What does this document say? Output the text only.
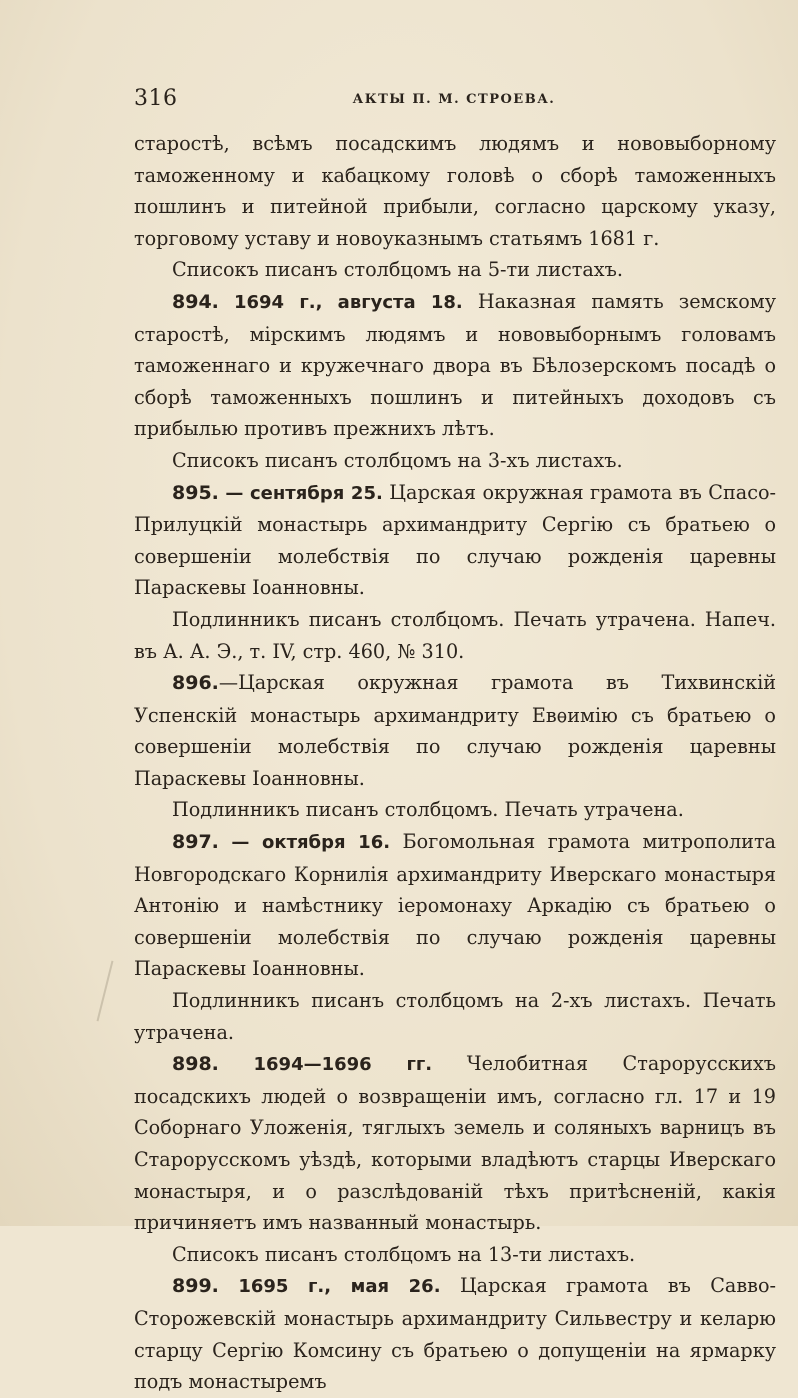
316	АКТЫ П. М. СТРОЕВА.

старостѣ, всѣмъ посадскимъ людямъ и нововыборному таможенному и кабацкому головѣ о сборѣ таможенныхъ пошлинъ и питейной прибыли, согласно царскому указу, торговому уставу и новоуказнымъ статьямъ 1681 г.

Списокъ писанъ столбцомъ на 5-ти листахъ.

894. 1694 г., августа 18. Наказная память земскому старостѣ, мірскимъ людямъ и нововыборнымъ головамъ таможеннаго и кружечнаго двора въ Бѣлозерскомъ посадѣ о сборѣ таможенныхъ пошлинъ и питейныхъ доходовъ съ прибылью противъ прежнихъ лѣтъ.

Списокъ писанъ столбцомъ на 3-хъ листахъ.

895. — сентября 25. Царская окружная грамота въ Спасо-Прилуцкій монастырь архимандриту Сергію съ братьею о совершеніи молебствія по случаю рожденія царевны Параскевы Іоанновны.

Подлинникъ писанъ столбцомъ. Печать утрачена. Напеч. въ А. А. Э., т. IV, стр. 460, № 310.

896.—Царская окружная грамота въ Тихвинскій Успенскій монастырь архимандриту Евѳимію съ братьею о совершеніи молебствія по случаю рожденія царевны Параскевы Іоанновны.

Подлинникъ писанъ столбцомъ. Печать утрачена.

897. — октября 16. Богомольная грамота митрополита Новгородскаго Корнилія архимандриту Иверскаго монастыря Антонію и намѣстнику іеромонаху Аркадію съ братьею о совершеніи молебствія по случаю рожденія царевны Параскевы Іоанновны.

Подлинникъ писанъ столбцомъ на 2-хъ листахъ. Печать утрачена.

898. 1694—1696 гг. Челобитная Старорусскихъ посадскихъ людей о возвращеніи имъ, согласно гл. 17 и 19 Соборнаго Уложенія, тяглыхъ земель и соляныхъ варницъ въ Старорусскомъ уѣздѣ, которыми владѣютъ старцы Иверскаго монастыря, и о разслѣдованій тѣхъ притѣсненій, какія причиняетъ имъ названный монастырь.

Списокъ писанъ столбцомъ на 13-ти листахъ.

899. 1695 г., мая 26. Царская грамота въ Савво-Сторожевскій монастырь архимандриту Сильвестру и келарю старцу Сергію Комсину съ братьею о допущеніи на ярмарку подъ монастыремъ
